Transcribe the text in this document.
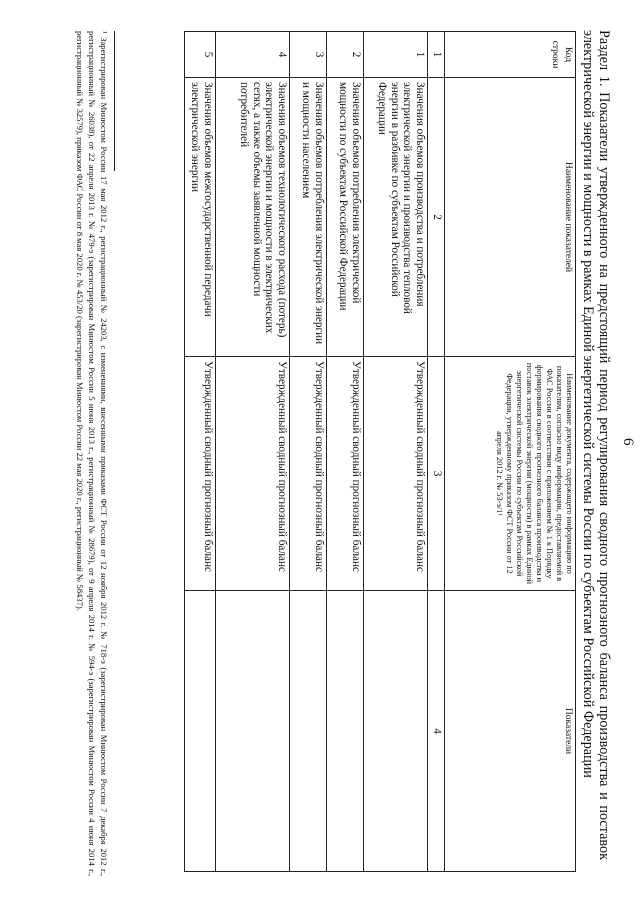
6
Раздел 1. Показатели утвержденного на предстоящий период регулирования сводного прогнозного баланса производства и поставок электрической энергии и мощности в рамках Единой энергетической системы России по субъектам Российской Федерации
Код строки	Наименование показателей	Наименование документа, содержащего информацию по показателям, согласно виду информации, предоставляемой в ФАС России в соответствии с приложением № 1 к Порядку формирования сводного прогнозного баланса производства и поставок электрической энергии (мощности) в рамках Единой энергетической системы России по субъектам Российской Федерации, утвержденному приказом ФСТ России от 12 апреля 2012 г. № 53-э/1¹	Показатели
1	2	3	4
1	Значения объемов производства и потребления электрической энергии и производства тепловой энергии в разбивке по субъектам Российской Федерации	Утвержденный сводный прогнозный баланс	
2	Значения объемов потребления электрической мощности по субъектам Российской Федерации	Утвержденный сводный прогнозный баланс	
3	Значения объемов потребления электрической энергии и мощности населением	Утвержденный сводный прогнозный баланс	
4	Значения объемов технологического расхода (потерь) электрической энергии и мощности в электрических сетях, а также объемы заявленной мощности потребителей	Утвержденный сводный прогнозный баланс	
5	Значения объемов межгосударственной передачи электрической энергии	Утвержденный сводный прогнозный баланс	
¹ Зарегистрирован Минюстом России 17 мая 2012 г., регистрационный № 24203, с изменениями, внесенными приказами ФСТ России от 12 ноября 2012 г. № 718-э (зарегистрирован Минюстом России 7 декабря 2012 г., регистрационный № 26038), от 22 апреля 2013 г. № 479-э (зарегистрирован Минюстом России 5 июня 2013 г., регистрационный № 28679), от 9 апреля 2014 г. № 594-э (зарегистрирован Минюстом России 4 июня 2014 г., регистрационный № 32579), приказом ФАС России от 8 мая 2020 г. № 453/20 (зарегистрирован Минюстом России 22 мая 2020 г., регистрационный № 58437).
